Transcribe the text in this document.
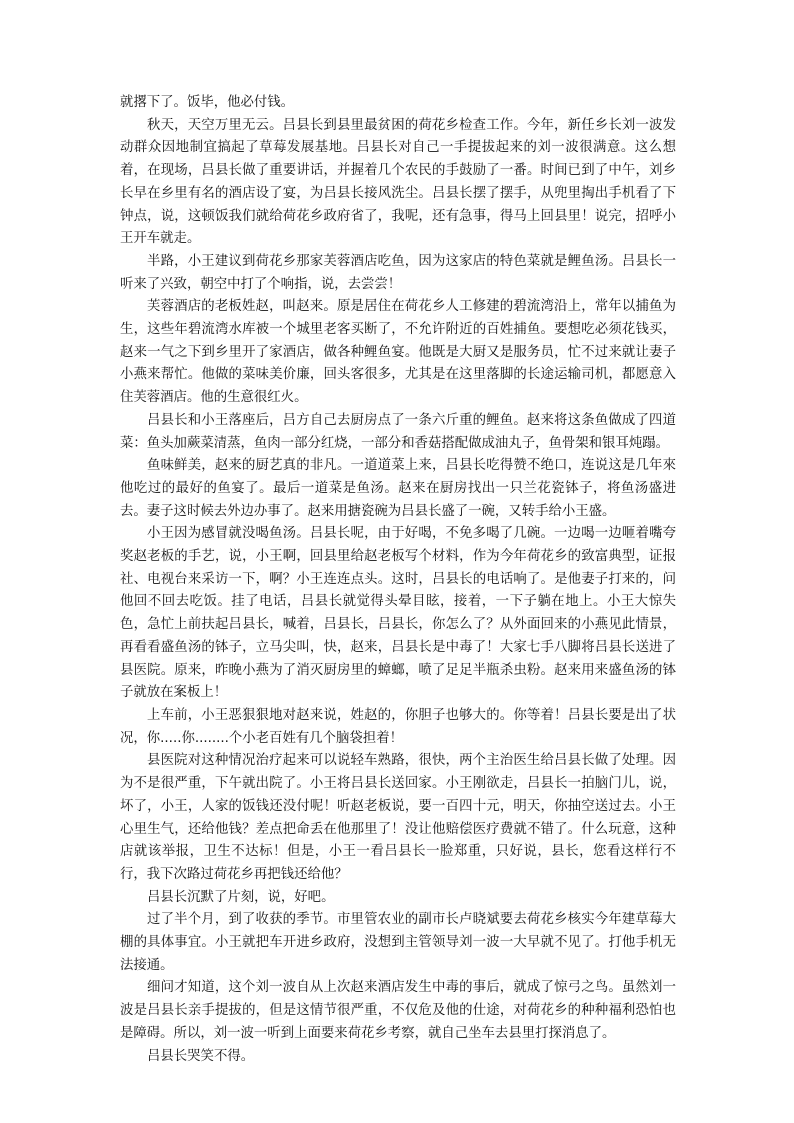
就撂下了。饭毕，他必付钱。

秋天，天空万里无云。吕县长到县里最贫困的荷花乡检查工作。今年，新任乡长刘一波发动群众因地制宜搞起了草莓发展基地。吕县长对自己一手提拔起来的刘一波很满意。这么想着，在现场，吕县长做了重要讲话，并握着几个农民的手鼓励了一番。时间已到了中午，刘乡长早在乡里有名的酒店设了宴，为吕县长接风洗尘。吕县长摆了摆手，从兜里掏出手机看了下钟点，说，这顿饭我们就给荷花乡政府省了，我呢，还有急事，得马上回县里！说完，招呼小王开车就走。

半路，小王建议到荷花乡那家芙蓉酒店吃鱼，因为这家店的特色菜就是鲤鱼汤。吕县长一听来了兴致，朝空中打了个响指，说，去尝尝！

芙蓉酒店的老板姓赵，叫赵来。原是居住在荷花乡人工修建的碧流湾沿上，常年以捕鱼为生，这些年碧流湾水库被一个城里老客买断了，不允许附近的百姓捕鱼。要想吃必须花钱买，赵来一气之下到乡里开了家酒店，做各种鲤鱼宴。他既是大厨又是服务员，忙不过来就让妻子小燕来帮忙。他做的菜味美价廉，回头客很多，尤其是在这里落脚的长途运输司机，都愿意入住芙蓉酒店。他的生意很红火。

吕县长和小王落座后，吕方自己去厨房点了一条六斤重的鲤鱼。赵来将这条鱼做成了四道菜：鱼头加蕨菜清蒸，鱼肉一部分红烧，一部分和香菇搭配做成油丸子，鱼骨架和银耳炖蹋。

鱼味鲜美，赵来的厨艺真的非凡。一道道菜上来，吕县长吃得赞不绝口，连说这是几年來他吃过的最好的鱼宴了。最后一道菜是鱼汤。赵来在厨房找出一只兰花瓷钵子，将鱼汤盛进去。妻子这时候去外边办事了。赵来用搪瓷碗为吕县长盛了一碗，又转手给小王盛。

小王因为感冒就没喝鱼汤。吕县长呢，由于好喝，不免多喝了几碗。一边喝一边咂着嘴夸奖赵老板的手艺，说，小王啊，回县里给赵老板写个材料，作为今年荷花乡的致富典型，证报社、电视台来采访一下，啊？小王连连点头。这时，吕县长的电话响了。是他妻子打来的，问他回不回去吃饭。挂了电话，吕县长就觉得头晕目眩，接着，一下子躺在地上。小王大惊失色，急忙上前扶起吕县长，喊着，吕县长，吕县长，你怎么了？从外面回来的小燕见此情景，再看看盛鱼汤的钵子，立马尖叫，快，赵来，吕县长是中毒了！大家七手八脚将吕县长送进了县医院。原来，昨晚小燕为了消灭厨房里的蟑螂，喷了足足半瓶杀虫粉。赵来用来盛鱼汤的钵子就放在案板上！

上车前，小王恶狠狠地对赵来说，姓赵的，你胆子也够大的。你等着！吕县长要是出了状况，你.....你........个小老百姓有几个脑袋担着！

县医院对这种情况治疗起来可以说轻车熟路，很快，两个主治医生给吕县长做了处理。因为不是很严重，下午就出院了。小王将吕县长送回家。小王刚欲走，吕县长一拍脑门儿，说，坏了，小王，人家的饭钱还没付呢！听赵老板说，要一百四十元，明天，你抽空送过去。小王心里生气，还给他钱？差点把命丢在他那里了！没让他赔偿医疗费就不错了。什么玩意，这种店就该举报，卫生不达标！但是，小王一看吕县长一脸郑重，只好说，县长，您看这样行不行，我下次路过荷花乡再把钱还给他？

吕县长沉默了片刻，说，好吧。

过了半个月，到了收获的季节。市里管农业的副市长卢晓斌要去荷花乡核实今年建草莓大棚的具体事宜。小王就把车开进乡政府，没想到主管领导刘一波一大早就不见了。打他手机无法接通。

细问才知道，这个刘一波自从上次赵来酒店发生中毒的事后，就成了惊弓之鸟。虽然刘一波是吕县长亲手提拔的，但是这情节很严重，不仅危及他的仕途，对荷花乡的种种福利恐怕也是障碍。所以，刘一波一听到上面要来荷花乡考察，就自己坐车去县里打探消息了。

吕县长哭笑不得。
